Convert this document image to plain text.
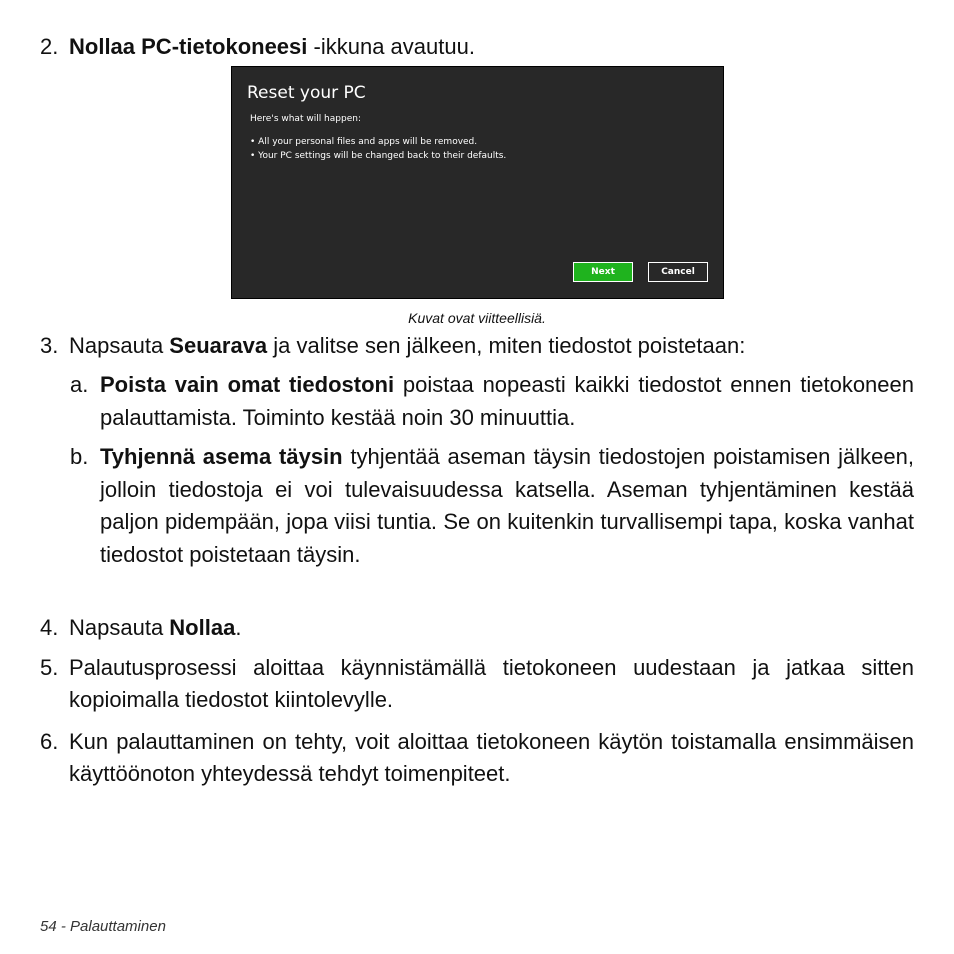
2. Nollaa PC-tietokoneesi -ikkuna avautuu.
Reset your PC
Here's what will happen:
• All your personal files and apps will be removed.
• Your PC settings will be changed back to their defaults.
Next	Cancel
Kuvat ovat viitteellisiä.
3. Napsauta Seuarava ja valitse sen jälkeen, miten tiedostot poistetaan:
a. Poista vain omat tiedostoni poistaa nopeasti kaikki tiedostot ennen tietokoneen palauttamista. Toiminto kestää noin 30 minuuttia.
b. Tyhjennä asema täysin tyhjentää aseman täysin tiedostojen poistamisen jälkeen, jolloin tiedostoja ei voi tulevaisuudessa katsella. Aseman tyhjentäminen kestää paljon pidempään, jopa viisi tuntia. Se on kuitenkin turvallisempi tapa, koska vanhat tiedostot poistetaan täysin.
4. Napsauta Nollaa.
5. Palautusprosessi aloittaa käynnistämällä tietokoneen uudestaan ja jatkaa sitten kopioimalla tiedostot kiintolevylle.
6. Kun palauttaminen on tehty, voit aloittaa tietokoneen käytön toistamalla ensimmäisen käyttöönoton yhteydessä tehdyt toimenpiteet.
54 - Palauttaminen
